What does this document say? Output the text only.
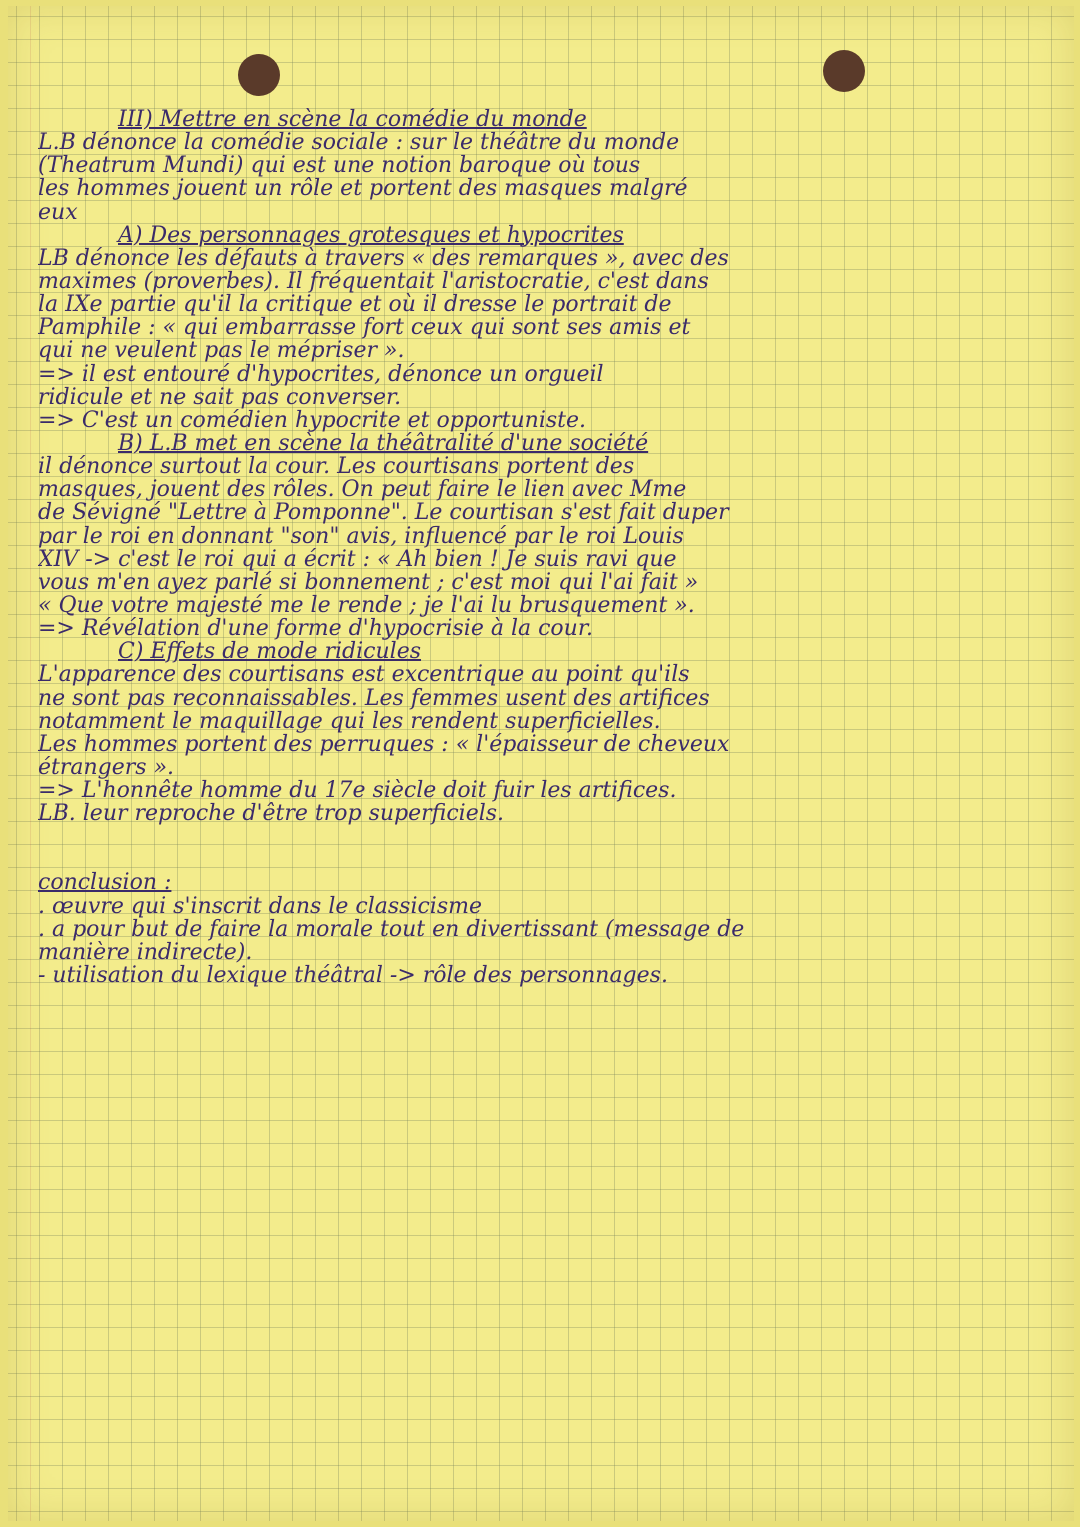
III) Mettre en scène la comédie du monde
L.B dénonce la comédie sociale : sur le théâtre du monde
(Theatrum Mundi) qui est une notion baroque où tous
les hommes jouent un rôle et portent des masques malgré
eux
A) Des personnages grotesques et hypocrites
LB dénonce les défauts à travers « des remarques », avec des
maximes (proverbes). Il fréquentait l'aristocratie, c'est dans
la IXe partie qu'il la critique et où il dresse le portrait de
Pamphile : « qui embarrasse fort ceux qui sont ses amis et
qui ne veulent pas le mépriser ».
=> il est entouré d'hypocrites, dénonce un orgueil
ridicule et ne sait pas converser.
=> C'est un comédien hypocrite et opportuniste.
B) L.B met en scène la théâtralité d'une société
il dénonce surtout la cour. Les courtisans portent des
masques, jouent des rôles. On peut faire le lien avec Mme
de Sévigné "Lettre à Pomponne". Le courtisan s'est fait duper
par le roi en donnant "son" avis, influencé par le roi Louis
XIV -> c'est le roi qui a écrit : « Ah bien ! Je suis ravi que
vous m'en ayez parlé si bonnement ; c'est moi qui l'ai fait »
« Que votre majesté me le rende ; je l'ai lu brusquement ».
=> Révélation d'une forme d'hypocrisie à la cour.
C) Effets de mode ridicules
L'apparence des courtisans est excentrique au point qu'ils
ne sont pas reconnaissables. Les femmes usent des artifices
notamment le maquillage qui les rendent superficielles.
Les hommes portent des perruques : « l'épaisseur de cheveux
étrangers ».
=> L'honnête homme du 17e siècle doit fuir les artifices.
LB. leur reproche d'être trop superficiels.
conclusion :
. œuvre qui s'inscrit dans le classicisme
. a pour but de faire la morale tout en divertissant (message de
manière indirecte).
- utilisation du lexique théâtral -> rôle des personnages.
